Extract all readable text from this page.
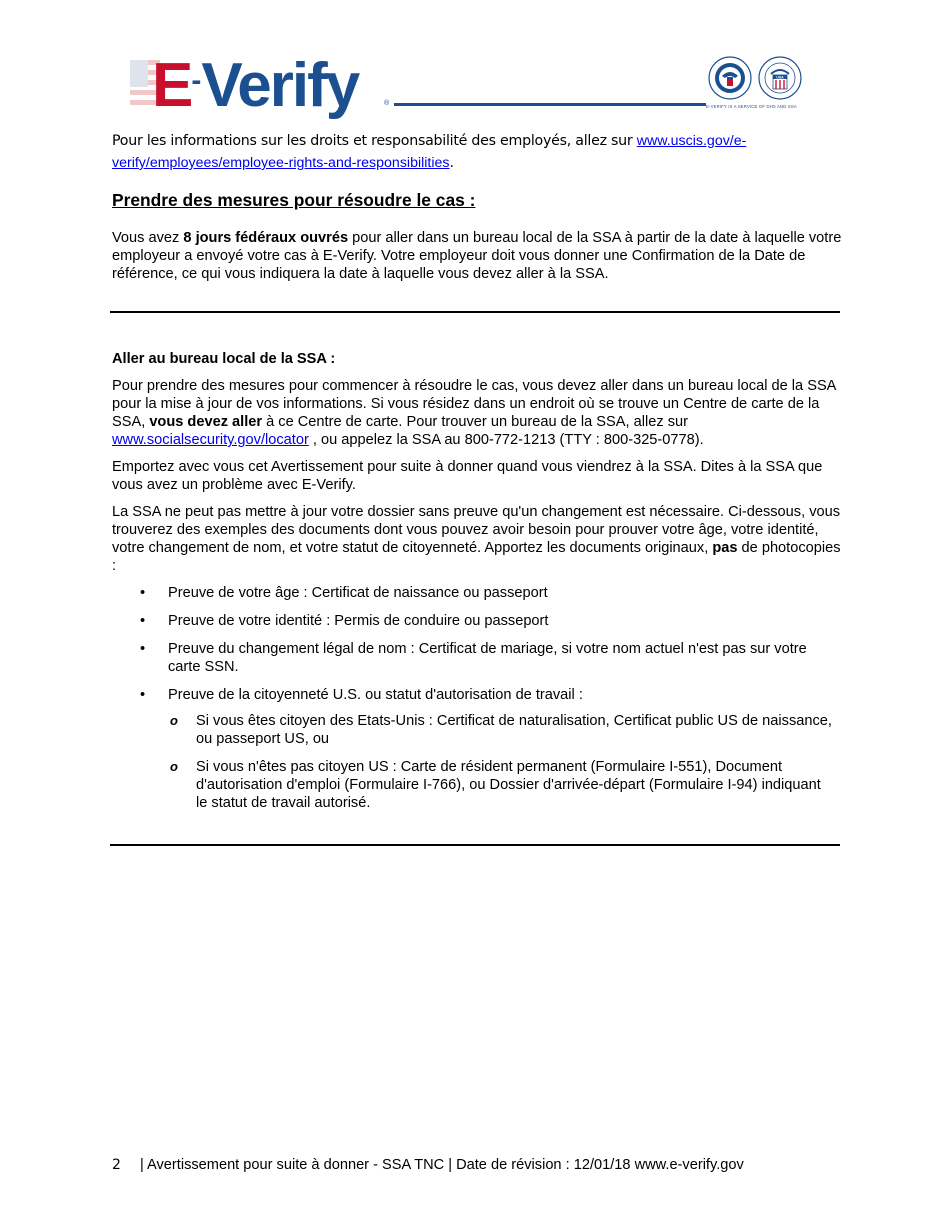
E-Verify	®
USA
E-VERIFY IS A SERVICE OF DHS AND SSA
Pour les informations sur les droits et responsabilité des employés, allez sur www.uscis.gov/e-verify/employees/employee-rights-and-responsibilities.
Prendre des mesures pour résoudre le cas :

Vous avez 8 jours fédéraux ouvrés pour aller dans un bureau local de la SSA à partir de la date à laquelle votre employeur a envoyé votre cas à E-Verify. Votre employeur doit vous donner une Confirmation de la Date de référence, ce qui vous indiquera la date à laquelle vous devez aller à la SSA.

Aller au bureau local de la SSA :

Pour prendre des mesures pour commencer à résoudre le cas, vous devez aller dans un bureau local de la SSA pour la mise à jour de vos informations. Si vous résidez dans un endroit où se trouve un Centre de carte de la SSA, vous devez aller à ce Centre de carte. Pour trouver un bureau de la SSA, allez sur www.socialsecurity.gov/locator , ou appelez la SSA au 800-772-1213 (TTY : 800-325-0778).

Emportez avec vous cet Avertissement pour suite à donner quand vous viendrez à la SSA. Dites à la SSA que vous avez un problème avec E-Verify.

La SSA ne peut pas mettre à jour votre dossier sans preuve qu'un changement est nécessaire. Ci-dessous, vous trouverez des exemples des documents dont vous pouvez avoir besoin pour prouver votre âge, votre identité, votre changement de nom, et votre statut de citoyenneté. Apportez les documents originaux, pas de photocopies :

• Preuve de votre âge : Certificat de naissance ou passeport
• Preuve de votre identité : Permis de conduire ou passeport
• Preuve du changement légal de nom : Certificat de mariage, si votre nom actuel n'est pas sur votre carte SSN.
• Preuve de la citoyenneté U.S. ou statut d'autorisation de travail :
o Si vous êtes citoyen des Etats-Unis : Certificat de naturalisation, Certificat public US de naissance, ou passeport US, ou
o Si vous n'êtes pas citoyen US : Carte de résident permanent (Formulaire I-551), Document d'autorisation d'emploi (Formulaire I-766), ou Dossier d'arrivée-départ (Formulaire I-94) indiquant le statut de travail autorisé.
2 | Avertissement pour suite à donner - SSA TNC | Date de révision : 12/01/18 www.e-verify.gov
